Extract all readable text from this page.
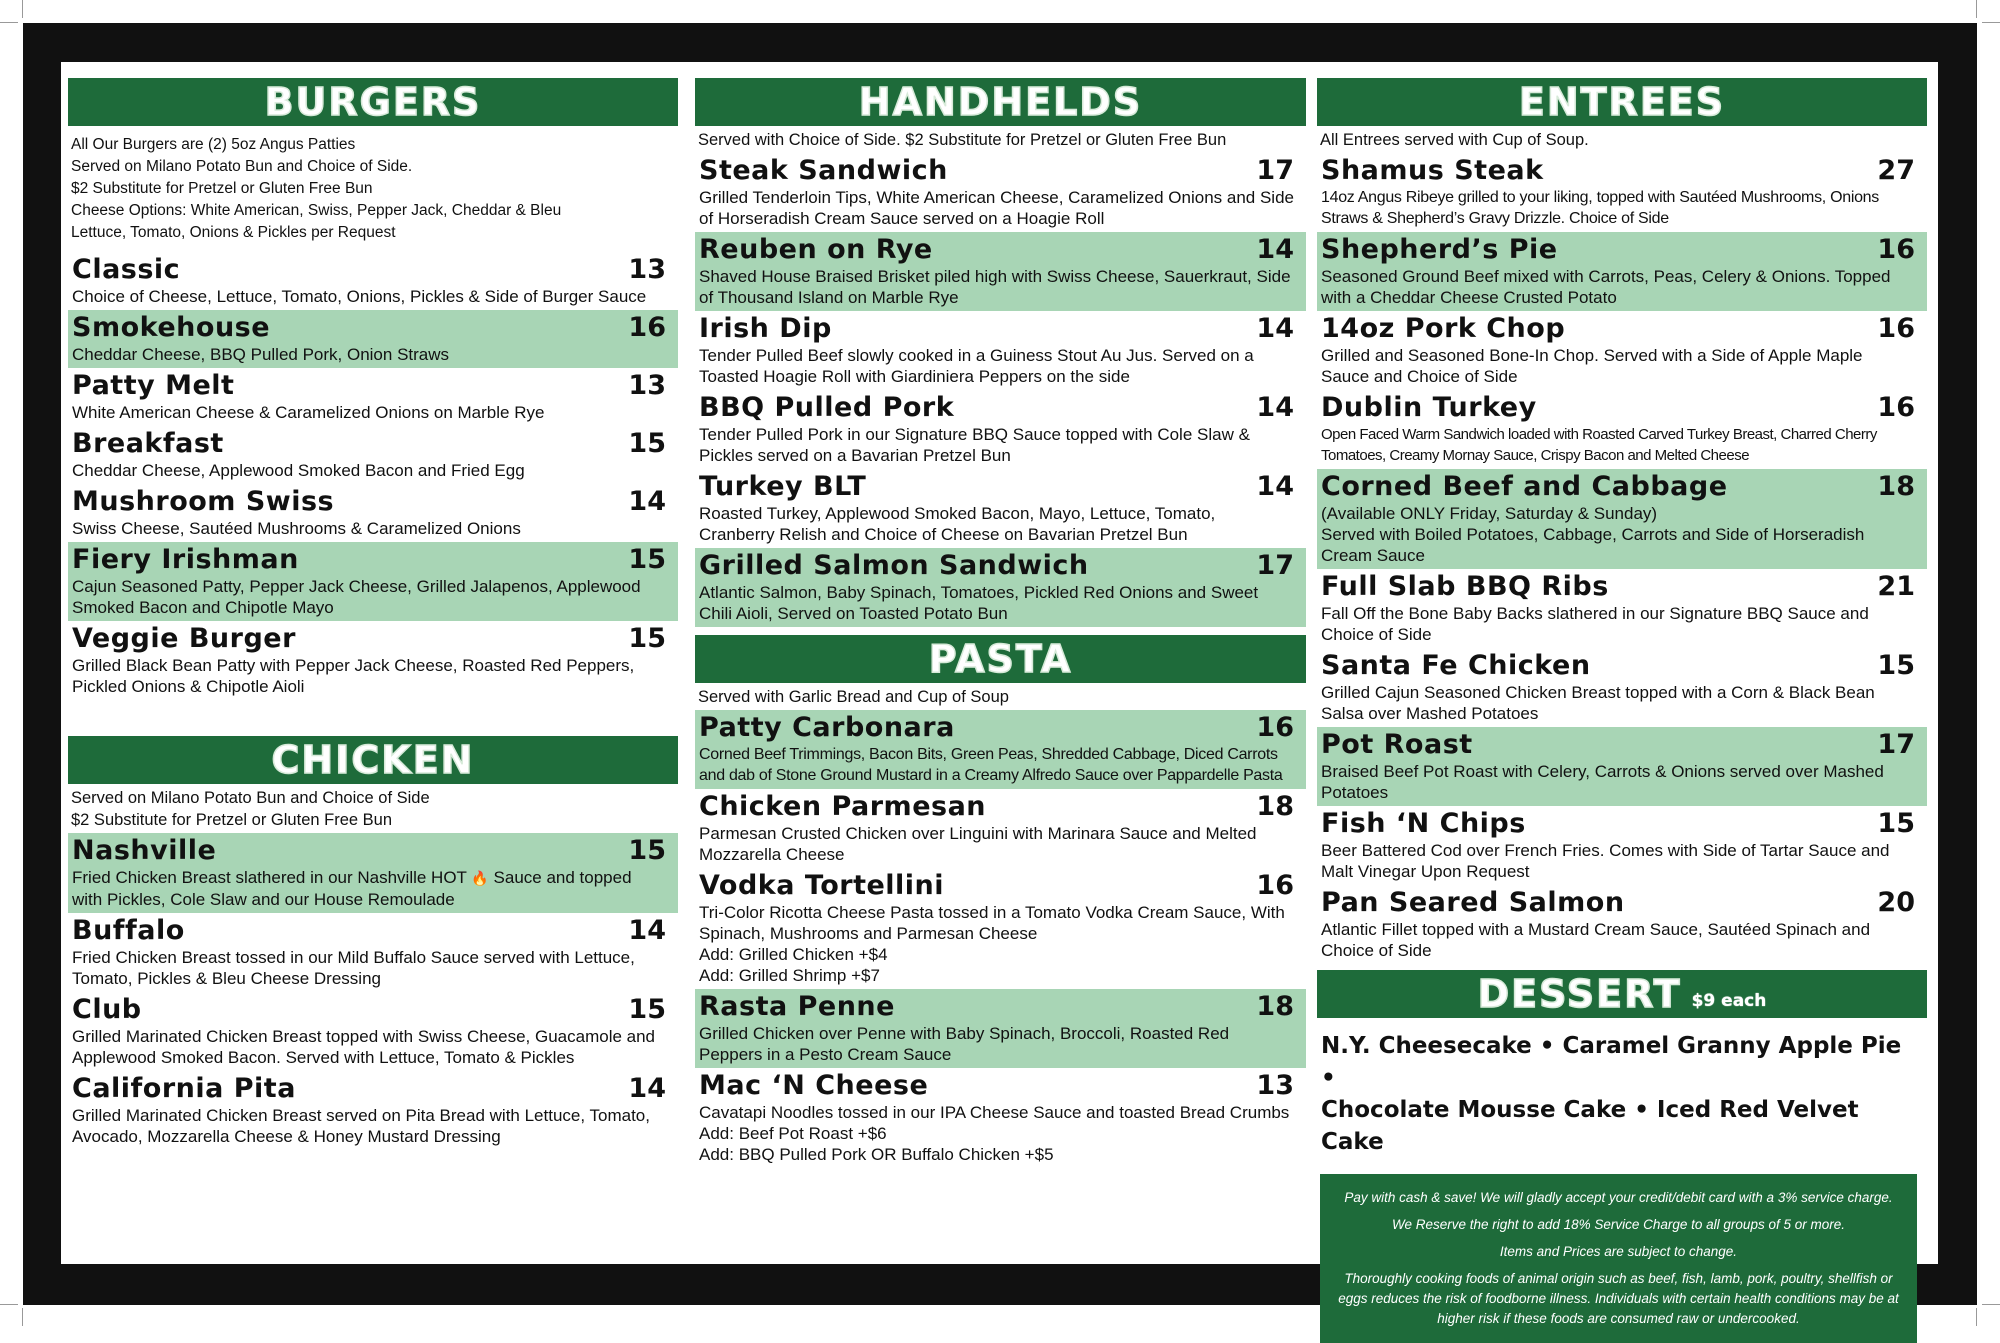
BURGERS
All Our Burgers are (2) 5oz Angus Patties
Served on Milano Potato Bun and Choice of Side.
$2 Substitute for Pretzel or Gluten Free Bun
Cheese Options: White American, Swiss, Pepper Jack, Cheddar & Bleu
Lettuce, Tomato, Onions & Pickles per Request
Classic	13
Choice of Cheese, Lettuce, Tomato, Onions, Pickles & Side of Burger Sauce
Smokehouse	16
Cheddar Cheese, BBQ Pulled Pork, Onion Straws
Patty Melt	13
White American Cheese & Caramelized Onions on Marble Rye
Breakfast	15
Cheddar Cheese, Applewood Smoked Bacon and Fried Egg
Mushroom Swiss	14
Swiss Cheese, Sautéed Mushrooms & Caramelized Onions
Fiery Irishman	15
Cajun Seasoned Patty, Pepper Jack Cheese, Grilled Jalapenos, Applewood Smoked Bacon and Chipotle Mayo
Veggie Burger	15
Grilled Black Bean Patty with Pepper Jack Cheese, Roasted Red Peppers, Pickled Onions & Chipotle Aioli
CHICKEN
Served on Milano Potato Bun and Choice of Side
$2 Substitute for Pretzel or Gluten Free Bun
Nashville	15
Fried Chicken Breast slathered in our Nashville HOT 🔥 Sauce and topped with Pickles, Cole Slaw and our House Remoulade
Buffalo	14
Fried Chicken Breast tossed in our Mild Buffalo Sauce served with Lettuce, Tomato, Pickles & Bleu Cheese Dressing
Club	15
Grilled Marinated Chicken Breast topped with Swiss Cheese, Guacamole and Applewood Smoked Bacon. Served with Lettuce, Tomato & Pickles
California Pita	14
Grilled Marinated Chicken Breast served on Pita Bread with Lettuce, Tomato, Avocado, Mozzarella Cheese & Honey Mustard Dressing
HANDHELDS
Served with Choice of Side. $2 Substitute for Pretzel or Gluten Free Bun
Steak Sandwich	17
Grilled Tenderloin Tips, White American Cheese, Caramelized Onions and Side of Horseradish Cream Sauce served on a Hoagie Roll
Reuben on Rye	14
Shaved House Braised Brisket piled high with Swiss Cheese, Sauerkraut, Side of Thousand Island on Marble Rye
Irish Dip	14
Tender Pulled Beef slowly cooked in a Guiness Stout Au Jus. Served on a Toasted Hoagie Roll with Giardiniera Peppers on the side
BBQ Pulled Pork	14
Tender Pulled Pork in our Signature BBQ Sauce topped with Cole Slaw & Pickles served on a Bavarian Pretzel Bun
Turkey BLT	14
Roasted Turkey, Applewood Smoked Bacon, Mayo, Lettuce, Tomato, Cranberry Relish and Choice of Cheese on Bavarian Pretzel Bun
Grilled Salmon Sandwich	17
Atlantic Salmon, Baby Spinach, Tomatoes, Pickled Red Onions and Sweet Chili Aioli, Served on Toasted Potato Bun
PASTA
Served with Garlic Bread and Cup of Soup
Patty Carbonara	16
Corned Beef Trimmings, Bacon Bits, Green Peas, Shredded Cabbage, Diced Carrots and dab of Stone Ground Mustard in a Creamy Alfredo Sauce over Pappardelle Pasta
Chicken Parmesan	18
Parmesan Crusted Chicken over Linguini with Marinara Sauce and Melted Mozzarella Cheese
Vodka Tortellini	16
Tri-Color Ricotta Cheese Pasta tossed in a Tomato Vodka Cream Sauce, With Spinach, Mushrooms and Parmesan Cheese
Add: Grilled Chicken +$4
Add: Grilled Shrimp +$7
Rasta Penne	18
Grilled Chicken over Penne with Baby Spinach, Broccoli, Roasted Red Peppers in a Pesto Cream Sauce
Mac ‘N Cheese	13
Cavatapi Noodles tossed in our IPA Cheese Sauce and toasted Bread Crumbs
Add: Beef Pot Roast +$6
Add: BBQ Pulled Pork OR Buffalo Chicken +$5
ENTREES
All Entrees served with Cup of Soup.
Shamus Steak	27
14oz Angus Ribeye grilled to your liking, topped with Sautéed Mushrooms, Onions Straws & Shepherd’s Gravy Drizzle. Choice of Side
Shepherd’s Pie	16
Seasoned Ground Beef mixed with Carrots, Peas, Celery & Onions. Topped with a Cheddar Cheese Crusted Potato
14oz Pork Chop	16
Grilled and Seasoned Bone-In Chop. Served with a Side of Apple Maple Sauce and Choice of Side
Dublin Turkey	16
Open Faced Warm Sandwich loaded with Roasted Carved Turkey Breast, Charred Cherry Tomatoes, Creamy Mornay Sauce, Crispy Bacon and Melted Cheese
Corned Beef and Cabbage	18
(Available ONLY Friday, Saturday & Sunday)
Served with Boiled Potatoes, Cabbage, Carrots and Side of Horseradish Cream Sauce
Full Slab BBQ Ribs	21
Fall Off the Bone Baby Backs slathered in our Signature BBQ Sauce and Choice of Side
Santa Fe Chicken	15
Grilled Cajun Seasoned Chicken Breast topped with a Corn & Black Bean Salsa over Mashed Potatoes
Pot Roast	17
Braised Beef Pot Roast with Celery, Carrots & Onions served over Mashed Potatoes
Fish ‘N Chips	15
Beer Battered Cod over French Fries. Comes with Side of Tartar Sauce and Malt Vinegar Upon Request
Pan Seared Salmon	20
Atlantic Fillet topped with a Mustard Cream Sauce, Sautéed Spinach and Choice of Side
DESSERT $9 each
N.Y. Cheesecake • Caramel Granny Apple Pie •
Chocolate Mousse Cake • Iced Red Velvet Cake

Pay with cash & save! We will gladly accept your credit/debit card with a 3% service charge.

We Reserve the right to add 18% Service Charge to all groups of 5 or more.

Items and Prices are subject to change.

Thoroughly cooking foods of animal origin such as beef, fish, lamb, pork, poultry, shellfish or eggs reduces the risk of foodborne illness. Individuals with certain health conditions may be at higher risk if these foods are consumed raw or undercooked.
